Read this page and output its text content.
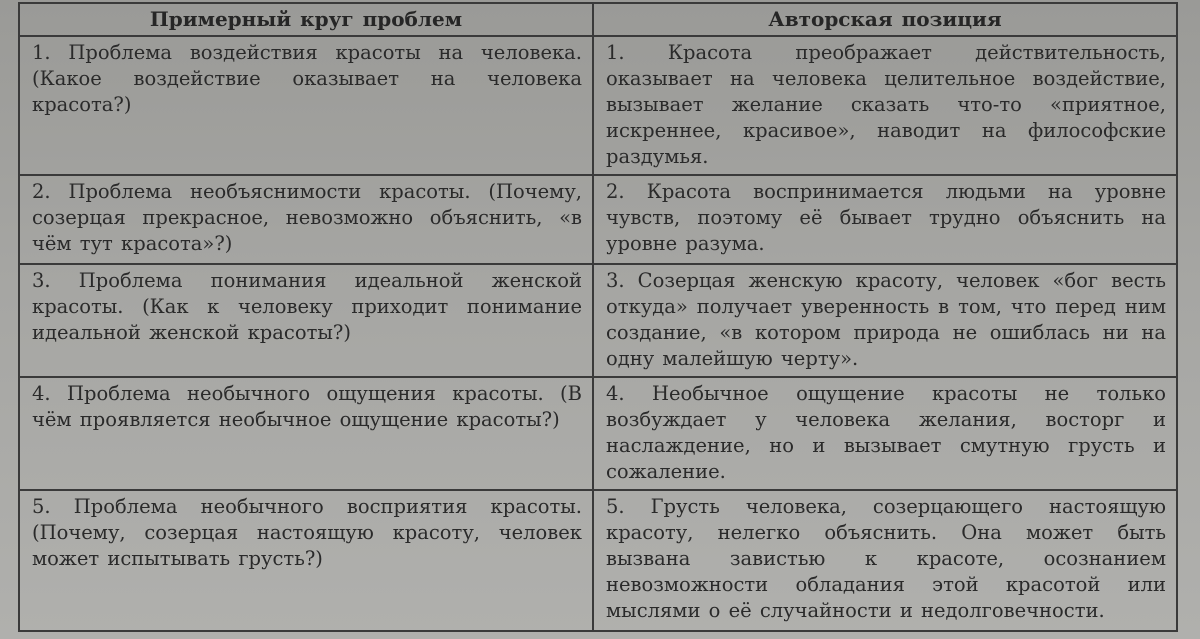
Примерный круг проблем	Авторская позиция
1. Проблема воздействия красоты на человека. (Какое воздействие оказывает на человека красота?)	1. Красота преображает действительность, оказывает на человека целительное воздействие, вызывает желание сказать что-то «приятное, искреннее, красивое», наводит на философские раздумья.
2. Проблема необъяснимости красоты. (Почему, созерцая прекрасное, невозможно объяснить, «в чём тут красота»?)	2. Красота воспринимается людьми на уровне чувств, поэтому её бывает трудно объяснить на уровне разума.
3. Проблема понимания идеальной женской красоты. (Как к человеку приходит понимание идеальной женской красоты?)	3. Созерцая женскую красоту, человек «бог весть откуда» получает уверенность в том, что перед ним создание, «в котором природа не ошиблась ни на одну малейшую черту».
4. Проблема необычного ощущения красоты. (В чём проявляется необычное ощущение красоты?)	4. Необычное ощущение красоты не только возбуждает у человека желания, восторг и наслаждение, но и вызывает смутную грусть и сожаление.
5. Проблема необычного восприятия красоты. (Почему, созерцая настоящую красоту, человек может испытывать грусть?)	5. Грусть человека, созерцающего настоящую красоту, нелегко объяснить. Она может быть вызвана завистью к красоте, осознанием невозможности обладания этой красотой или мыслями о её случайности и недолговечности.
